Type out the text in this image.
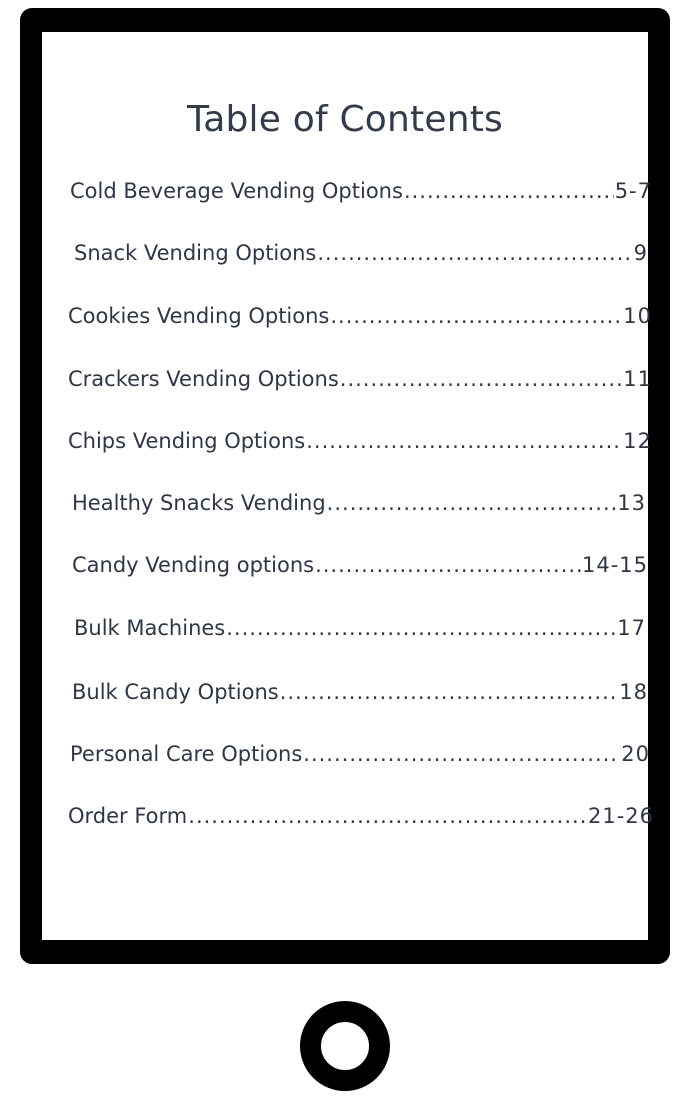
Table of Contents
Cold Beverage Vending Options .....	5-7
Snack Vending Options .....	9
Cookies Vending Options .....	10
Crackers Vending Options .....	11
Chips Vending Options .....	12
Healthy Snacks Vending .....	13
Candy Vending options .....	14-15
Bulk Machines .....	17
Bulk Candy Options .....	18
Personal Care Options .....	20
Order Form .....	21-26
